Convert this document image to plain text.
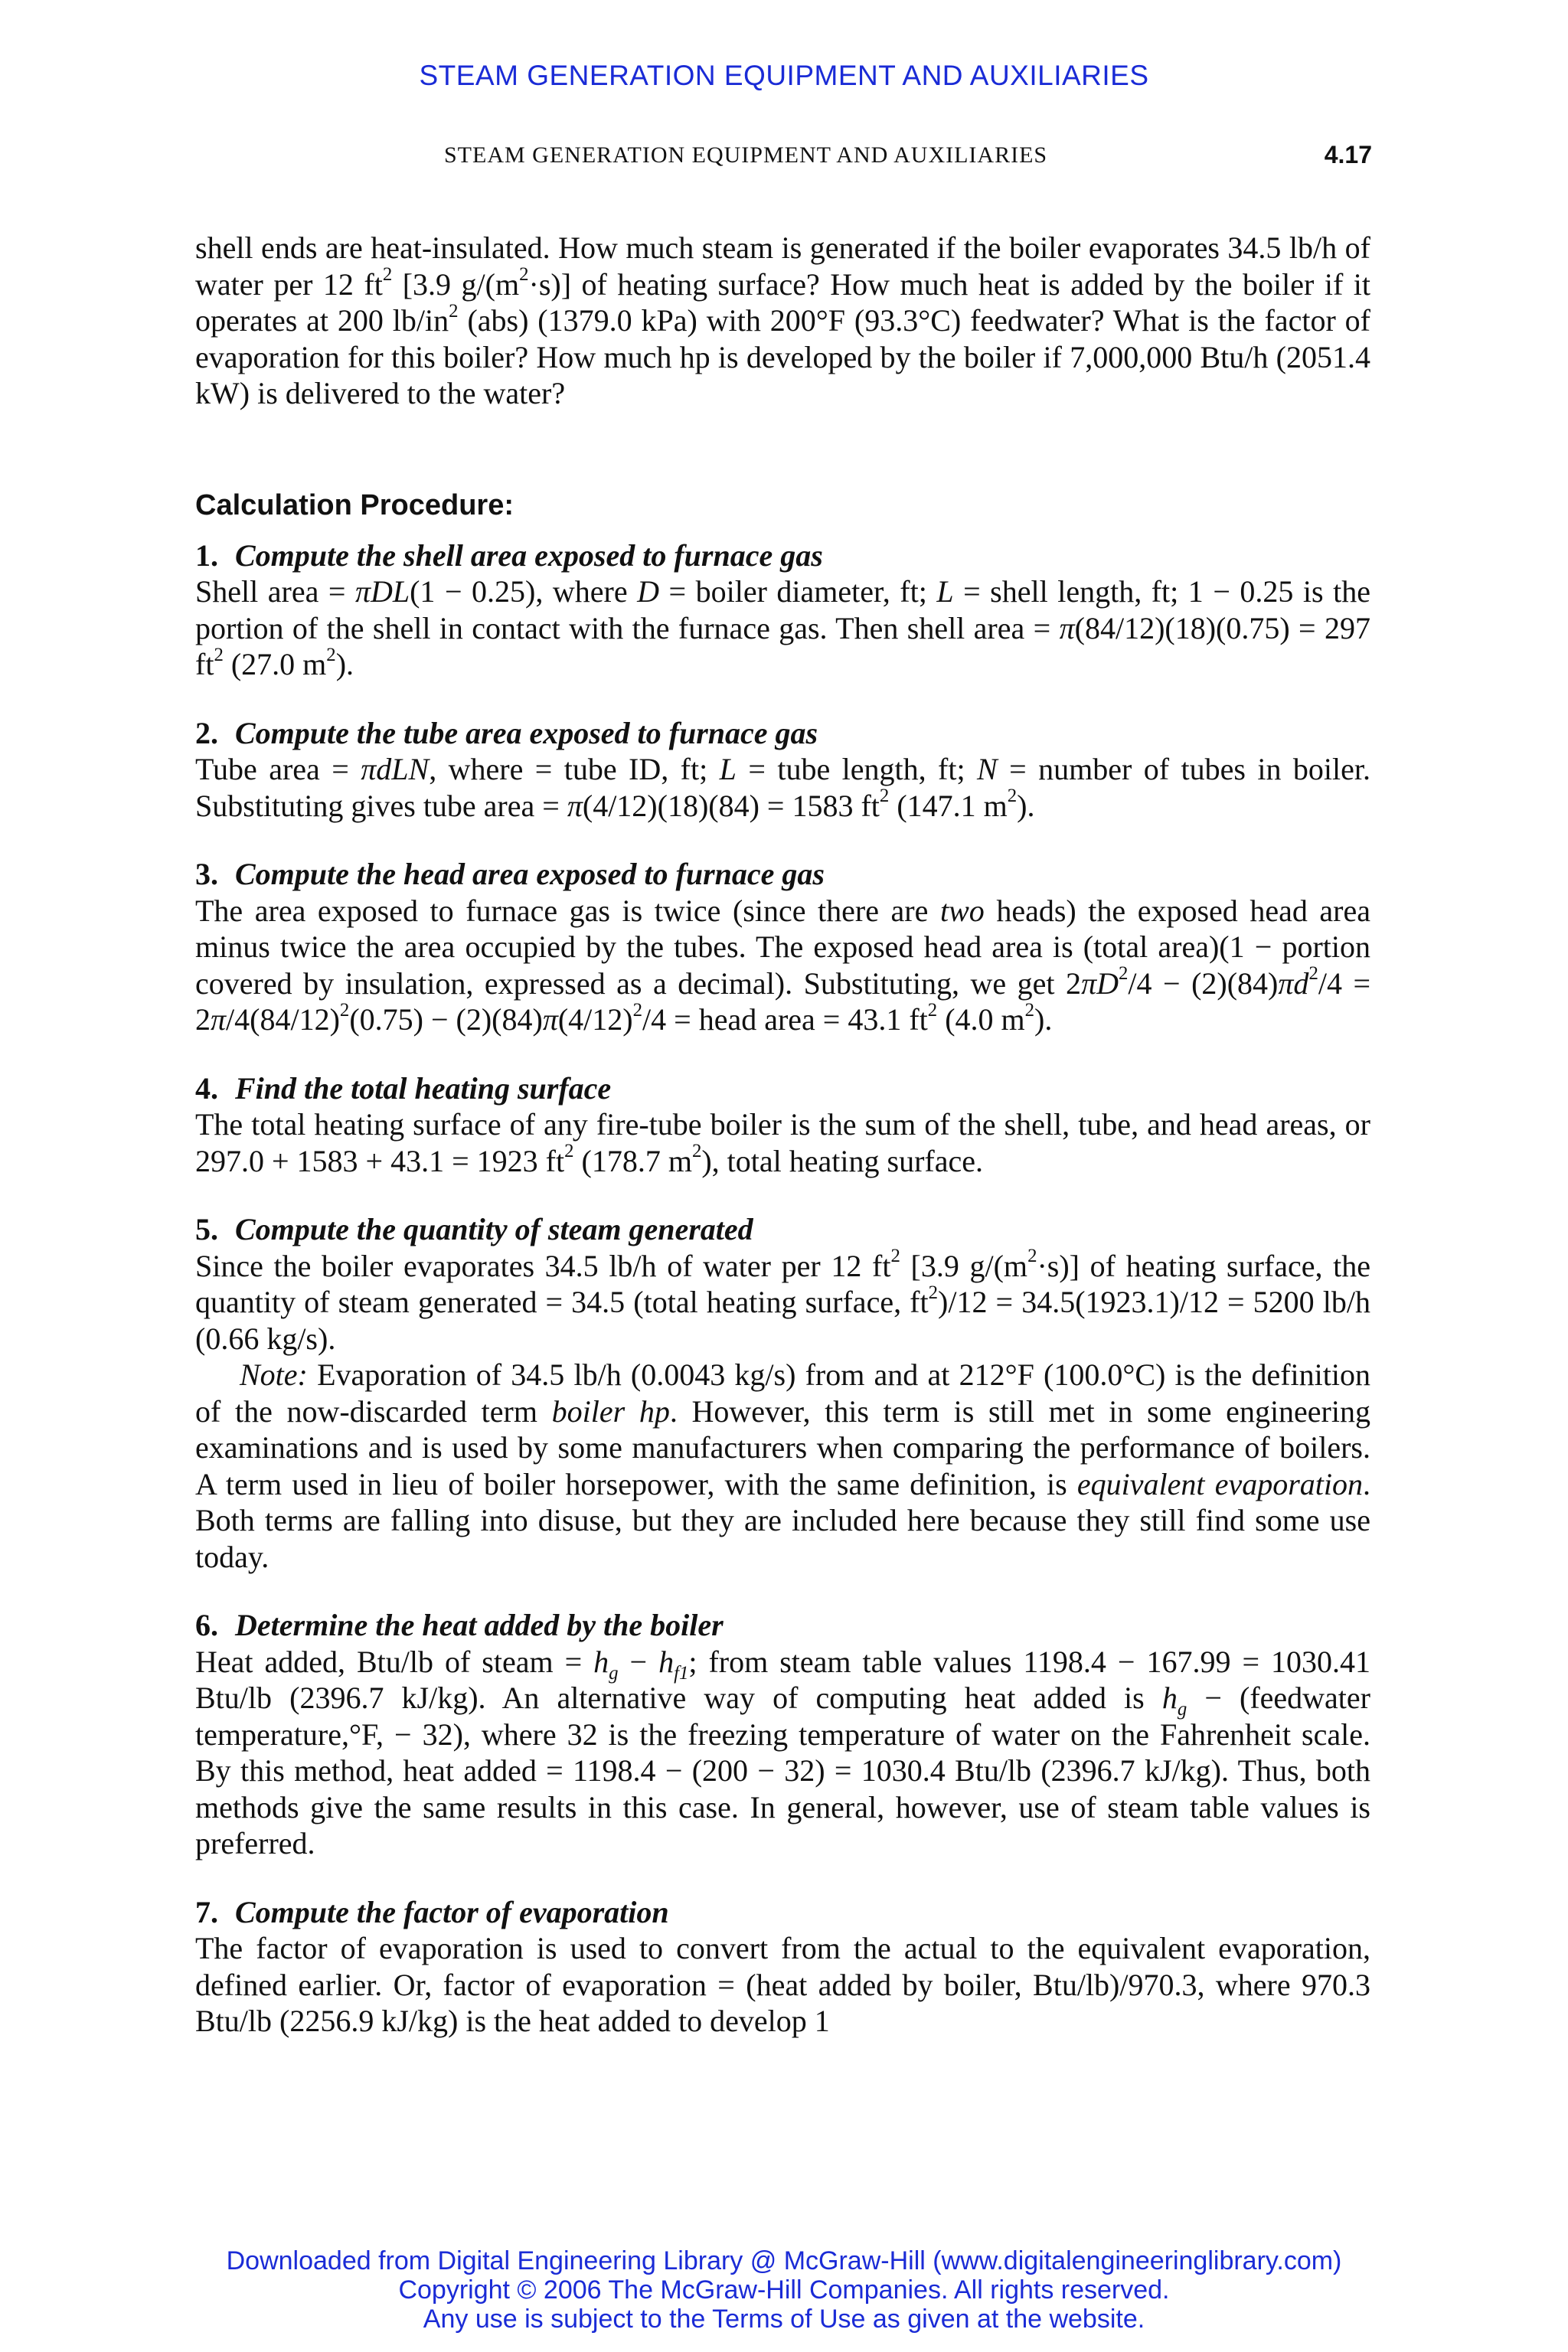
STEAM GENERATION EQUIPMENT AND AUXILIARIES
STEAM GENERATION EQUIPMENT AND AUXILIARIES	4.17

shell ends are heat-insulated. How much steam is generated if the boiler evaporates 34.5 lb/h of water per 12 $ft^2$ [3.9 $g/(m^2\cdot s)$] of heating surface? How much heat is added by the boiler if it operates at 200 $lb/in^2$ (abs) (1379.0 kPa) with 200°F (93.3°C) feedwater? What is the factor of evaporation for this boiler? How much hp is developed by the boiler if 7,000,000 Btu/h (2051.4 kW) is delivered to the water?

Calculation Procedure:
1. Compute the shell area exposed to furnace gas

Shell area = πDL(1 − 0.25), where D = boiler diameter, ft; L = shell length, ft; 1 − 0.25 is the portion of the shell in contact with the furnace gas. Then shell area = π(84/12)(18)(0.75) = 297 $ft^2$ (27.0 $m^2$).

2. Compute the tube area exposed to furnace gas

Tube area = πdLN, where = tube ID, ft; L = tube length, ft; N = number of tubes in boiler. Substituting gives tube area = π(4/12)(18)(84) = 1583 $ft^2$ (147.1 $m^2$).

3. Compute the head area exposed to furnace gas

The area exposed to furnace gas is twice (since there are two heads) the exposed head area minus twice the area occupied by the tubes. The exposed head area is (total area)(1 − portion covered by insulation, expressed as a decimal). Substituting, we get $2\pi D^2/4 - (2)(84)\pi d^2/4 = 2\pi/4(84/12)^2(0.75) - (2)(84)\pi(4/12)^2/4$ = head area = 43.1 $ft^2$ (4.0 $m^2$).

4. Find the total heating surface

The total heating surface of any fire-tube boiler is the sum of the shell, tube, and head areas, or 297.0 + 1583 + 43.1 = 1923 $ft^2$ (178.7 $m^2$), total heating surface.

5. Compute the quantity of steam generated

Since the boiler evaporates 34.5 lb/h of water per 12 $ft^2$ [3.9 $g/(m^2\cdot s)$] of heating surface, the quantity of steam generated = 34.5 (total heating surface, $ft^2)/12 = 34.5(1923.1)/12 = 5200$ lb/h (0.66 kg/s).

Note: Evaporation of 34.5 lb/h (0.0043 kg/s) from and at 212°F (100.0°C) is the definition of the now-discarded term boiler hp. However, this term is still met in some engineering examinations and is used by some manufacturers when comparing the performance of boilers. A term used in lieu of boiler horsepower, with the same definition, is equivalent evaporation. Both terms are falling into disuse, but they are included here because they still find some use today.

6. Determine the heat added by the boiler

Heat added, Btu/lb of steam = $h_g - h_{f1}$; from steam table values 1198.4 − 167.99 = 1030.41 Btu/lb (2396.7 kJ/kg). An alternative way of computing heat added is $h_g$ − (feedwater temperature,°F, − 32), where 32 is the freezing temperature of water on the Fahrenheit scale. By this method, heat added = 1198.4 − (200 − 32) = 1030.4 Btu/lb (2396.7 kJ/kg). Thus, both methods give the same results in this case. In general, however, use of steam table values is preferred.

7. Compute the factor of evaporation

The factor of evaporation is used to convert from the actual to the equivalent evaporation, defined earlier. Or, factor of evaporation = (heat added by boiler, Btu/lb)/970.3, where 970.3 Btu/lb (2256.9 kJ/kg) is the heat added to develop 1

Downloaded from Digital Engineering Library @ McGraw-Hill (www.digitalengineeringlibrary.com)
Copyright © 2006 The McGraw-Hill Companies. All rights reserved.
Any use is subject to the Terms of Use as given at the website.
